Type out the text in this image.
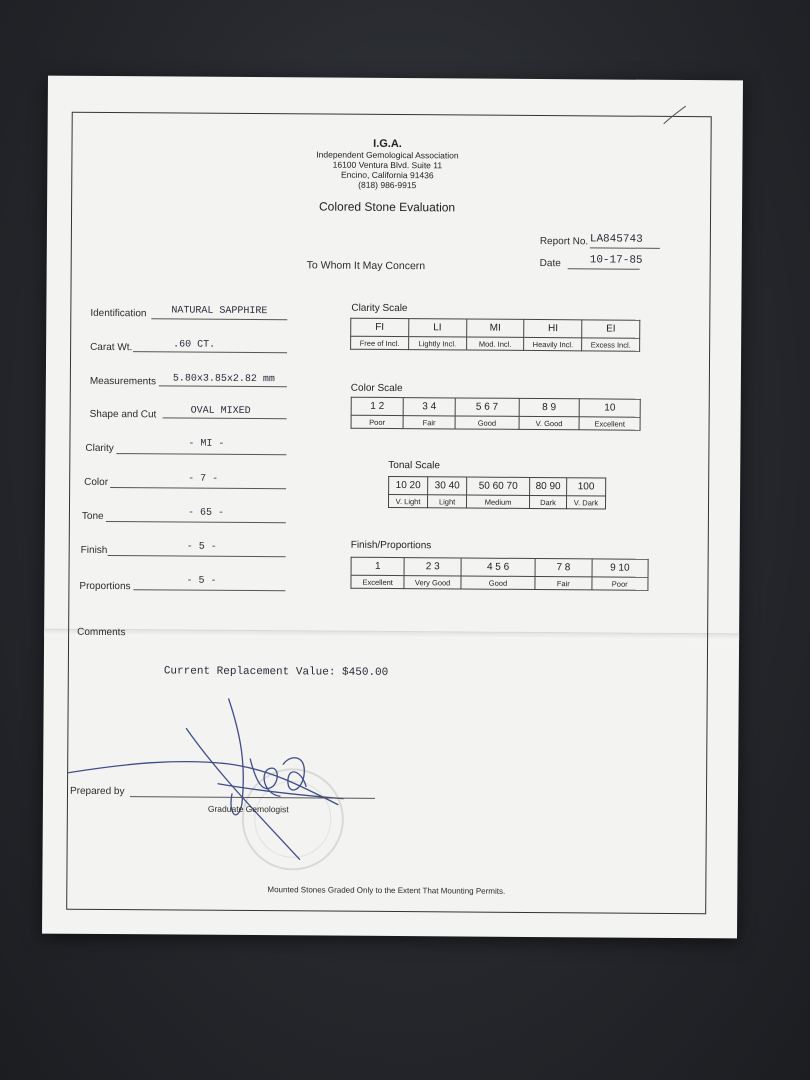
I.G.A.
Independent Gemological Association
16100 Ventura Blvd. Suite 11
Encino, California 91436
(818) 986-9915
Colored Stone Evaluation
Report No. LA845743
Date	10-17-85
To Whom It May Concern
Identification NATURAL SAPPHIRE
Carat Wt.	.60 CT.
Measurements 5.80x3.85x2.82 mm
Shape and Cut	OVAL MIXED
Clarity	- MI -
Color	- 7 -
Tone	- 65 -
Finish	- 5 -
Proportions	- 5 -
Clarity Scale
FI	LI	MI	HI	EI
Free of Incl.	Lightly Incl.	Mod. Incl.	Heavily Incl.	Excess Incl.
Color Scale
1 2	3 4	5 6 7	8 9	10
Poor	Fair	Good	V. Good	Excellent
Tonal Scale
10 20	30 40	50 60 70	80 90	100
V. Light	Light	Medium	Dark	V. Dark
Finish/Proportions
1	2 3	4 5 6	7 8	9 10
Excellent	Very Good	Good	Fair	Poor
Comments
Current Replacement Value: $450.00
Prepared by
Graduate Gemologist
Mounted Stones Graded Only to the Extent That Mounting Permits.
